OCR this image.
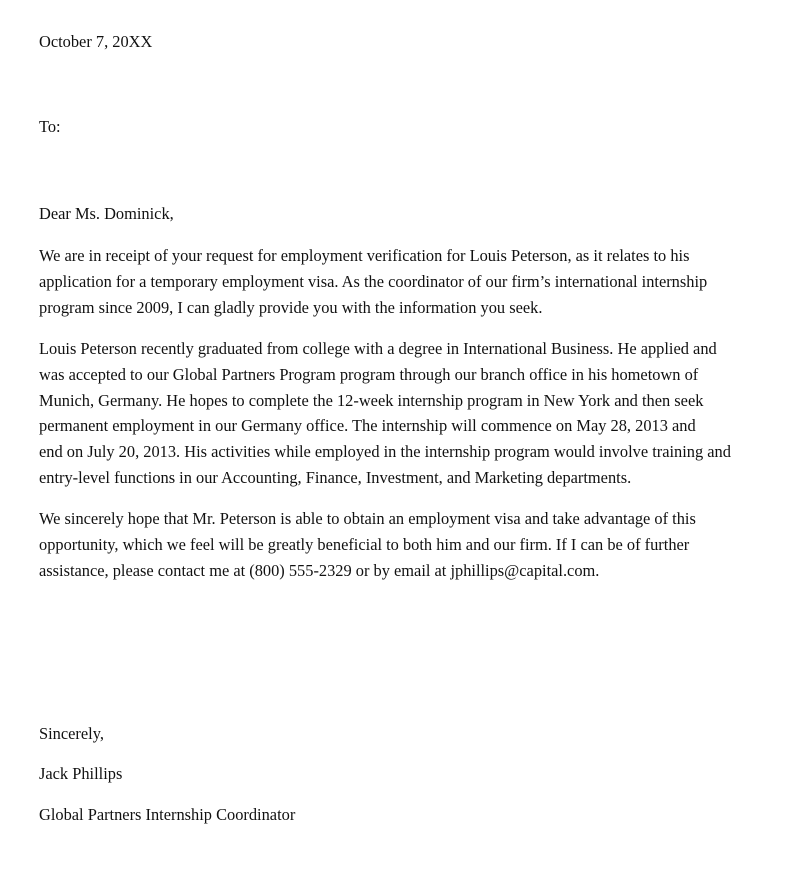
October 7, 20XX
To:
Dear Ms. Dominick,
We are in receipt of your request for employment verification for Louis Peterson, as it relates to his
application for a temporary employment visa. As the coordinator of our firm’s international internship
program since 2009, I can gladly provide you with the information you seek.
Louis Peterson recently graduated from college with a degree in International Business. He applied and
was accepted to our Global Partners Program program through our branch office in his hometown of
Munich, Germany. He hopes to complete the 12-week internship program in New York and then seek
permanent employment in our Germany office. The internship will commence on May 28, 2013 and
end on July 20, 2013. His activities while employed in the internship program would involve training and
entry-level functions in our Accounting, Finance, Investment, and Marketing departments.
We sincerely hope that Mr. Peterson is able to obtain an employment visa and take advantage of this
opportunity, which we feel will be greatly beneficial to both him and our firm. If I can be of further
assistance, please contact me at (800) 555-2329 or by email at jphillips@capital.com.
Sincerely,
Jack Phillips
Global Partners Internship Coordinator
